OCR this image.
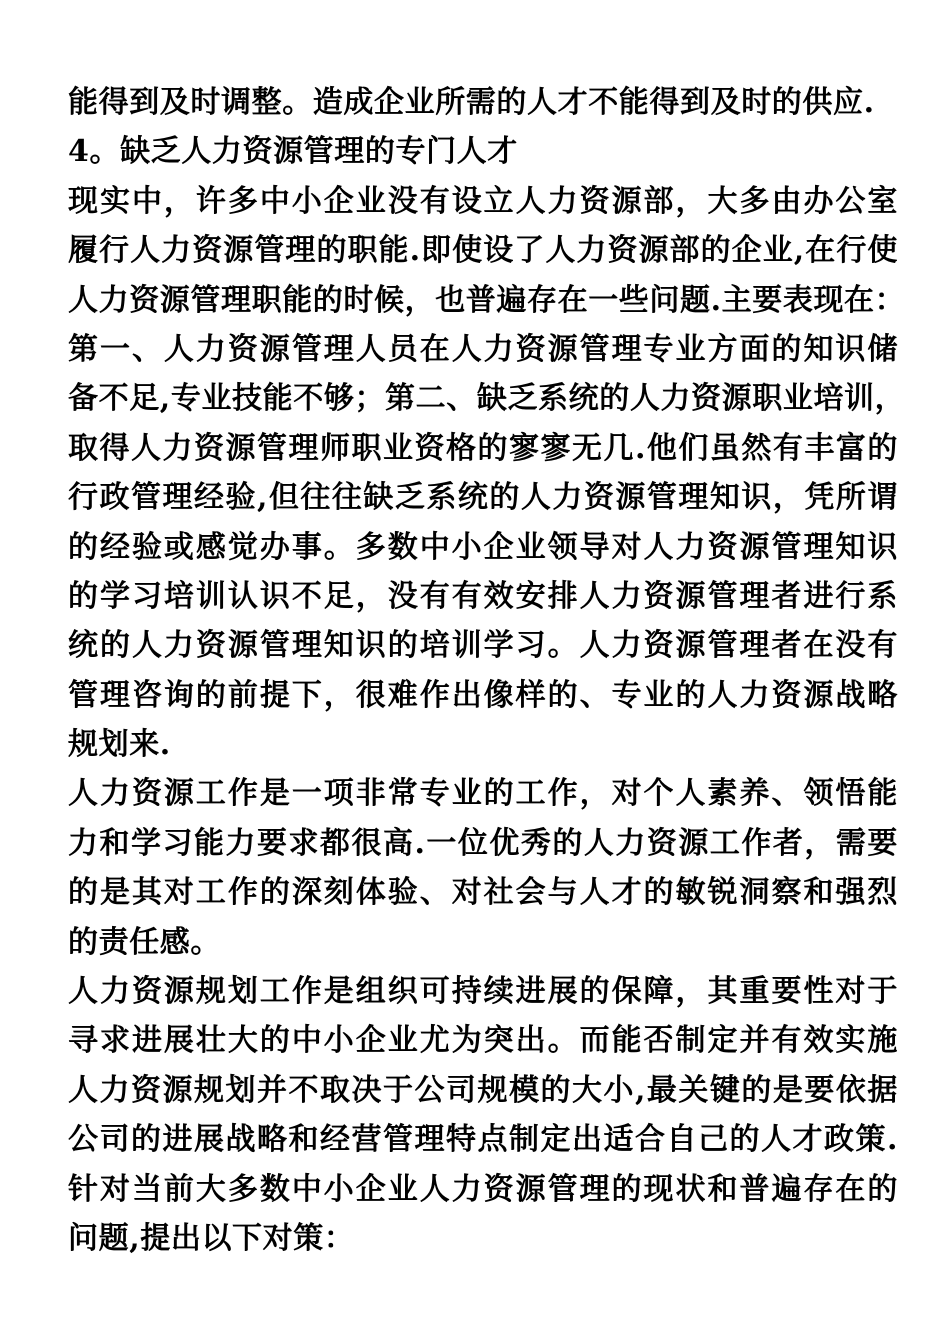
能得到及时调整。造成企业所需的人才不能得到及时的供应.
4。缺乏人力资源管理的专门人才
现实中，许多中小企业没有设立人力资源部，大多由办公室
履行人力资源管理的职能.即使设了人力资源部的企业,在行使
人力资源管理职能的时候，也普遍存在一些问题.主要表现在：
第一、人力资源管理人员在人力资源管理专业方面的知识储
备不足,专业技能不够；第二、缺乏系统的人力资源职业培训，
取得人力资源管理师职业资格的寥寥无几.他们虽然有丰富的
行政管理经验,但往往缺乏系统的人力资源管理知识，凭所谓
的经验或感觉办事。多数中小企业领导对人力资源管理知识
的学习培训认识不足，没有有效安排人力资源管理者进行系
统的人力资源管理知识的培训学习。人力资源管理者在没有
管理咨询的前提下，很难作出像样的、专业的人力资源战略
规划来.
人力资源工作是一项非常专业的工作，对个人素养、领悟能
力和学习能力要求都很高.一位优秀的人力资源工作者，需要
的是其对工作的深刻体验、对社会与人才的敏锐洞察和强烈
的责任感。
人力资源规划工作是组织可持续进展的保障，其重要性对于
寻求进展壮大的中小企业尤为突出。而能否制定并有效实施
人力资源规划并不取决于公司规模的大小,最关键的是要依据
公司的进展战略和经营管理特点制定出适合自己的人才政策.
针对当前大多数中小企业人力资源管理的现状和普遍存在的
问题,提出以下对策：
